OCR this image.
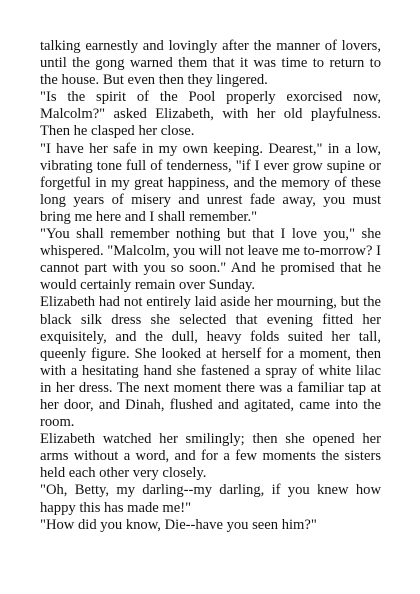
talking earnestly and lovingly after the manner of lovers, until the gong warned them that it was time to return to the house. But even then they lingered.

"Is the spirit of the Pool properly exorcised now, Malcolm?" asked Elizabeth, with her old playfulness. Then he clasped her close.

"I have her safe in my own keeping. Dearest," in a low, vibrating tone full of tenderness, "if I ever grow supine or forgetful in my great happiness, and the memory of these long years of misery and unrest fade away, you must bring me here and I shall remember."

"You shall remember nothing but that I love you," she whispered. "Malcolm, you will not leave me to-morrow? I cannot part with you so soon." And he promised that he would certainly remain over Sunday.

Elizabeth had not entirely laid aside her mourning, but the black silk dress she selected that evening fitted her exquisitely, and the dull, heavy folds suited her tall, queenly figure. She looked at herself for a moment, then with a hesitating hand she fastened a spray of white lilac in her dress. The next moment there was a familiar tap at her door, and Dinah, flushed and agitated, came into the room.

Elizabeth watched her smilingly; then she opened her arms without a word, and for a few moments the sisters held each other very closely.

"Oh, Betty, my darling--my darling, if you knew how happy this has made me!"

"How did you know, Die--have you seen him?"
